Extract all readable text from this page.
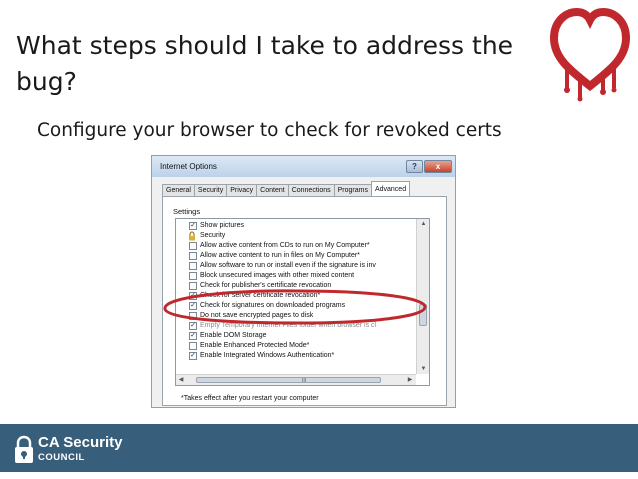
What steps should I take to address the bug?
Configure your browser to check for revoked certs
Internet Options	?	x
General	Security	Privacy	Content	Connections	Programs	Advanced
Settings
✓ Show pictures
Security
Allow active content from CDs to run on My Computer*
Allow active content to run in files on My Computer*
Allow software to run or install even if the signature is inv
Block unsecured images with other mixed content
Check for publisher's certificate revocation
✓ Check for server certificate revocation*
✓ Check for signatures on downloaded programs
Do not save encrypted pages to disk
✓ Empty Temporary Internet Files folder when browser is cl
✓ Enable DOM Storage
Enable Enhanced Protected Mode*
✓ Enable Integrated Windows Authentication*
▲
▼
◀	III	▶
*Takes effect after you restart your computer
CA Security
COUNCIL
